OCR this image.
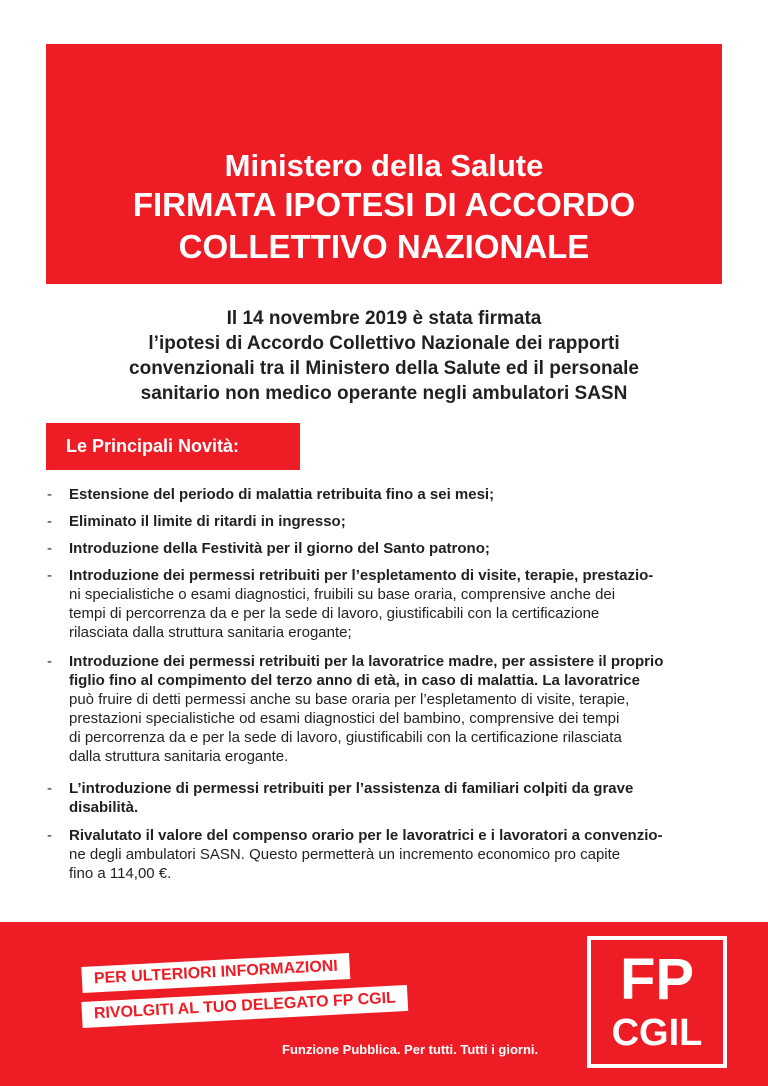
Ministero della Salute
FIRMATA IPOTESI DI ACCORDO
COLLETTIVO NAZIONALE
Il 14 novembre 2019 è stata firmata
l’ipotesi di Accordo Collettivo Nazionale dei rapporti
convenzionali tra il Ministero della Salute ed il personale
sanitario non medico operante negli ambulatori SASN
Le Principali Novità:
- Estensione del periodo di malattia retribuita fino a sei mesi;
- Eliminato il limite di ritardi in ingresso;
- Introduzione della Festività per il giorno del Santo patrono;
- Introduzione dei permessi retribuiti per l’espletamento di visite, terapie, prestazio-
ni specialistiche o esami diagnostici, fruibili su base oraria, comprensive anche dei
tempi di percorrenza da e per la sede di lavoro, giustificabili con la certificazione
rilasciata dalla struttura sanitaria erogante;
- Introduzione dei permessi retribuiti per la lavoratrice madre, per assistere il proprio
figlio fino al compimento del terzo anno di età, in caso di malattia. La lavoratrice
può fruire di detti permessi anche su base oraria per l’espletamento di visite, terapie,
prestazioni specialistiche od esami diagnostici del bambino, comprensive dei tempi
di percorrenza da e per la sede di lavoro, giustificabili con la certificazione rilasciata
dalla struttura sanitaria erogante.
- L’introduzione di permessi retribuiti per l’assistenza di familiari colpiti da grave
disabilità.
- Rivalutato il valore del compenso orario per le lavoratrici e i lavoratori a convenzio-
ne degli ambulatori SASN. Questo permetterà un incremento economico pro capite
fino a 114,00 €.
PER ULTERIORI INFORMAZIONI
RIVOLGITI AL TUO DELEGATO FP CGIL
Funzione Pubblica. Per tutti. Tutti i giorni.
FP
CGIL
